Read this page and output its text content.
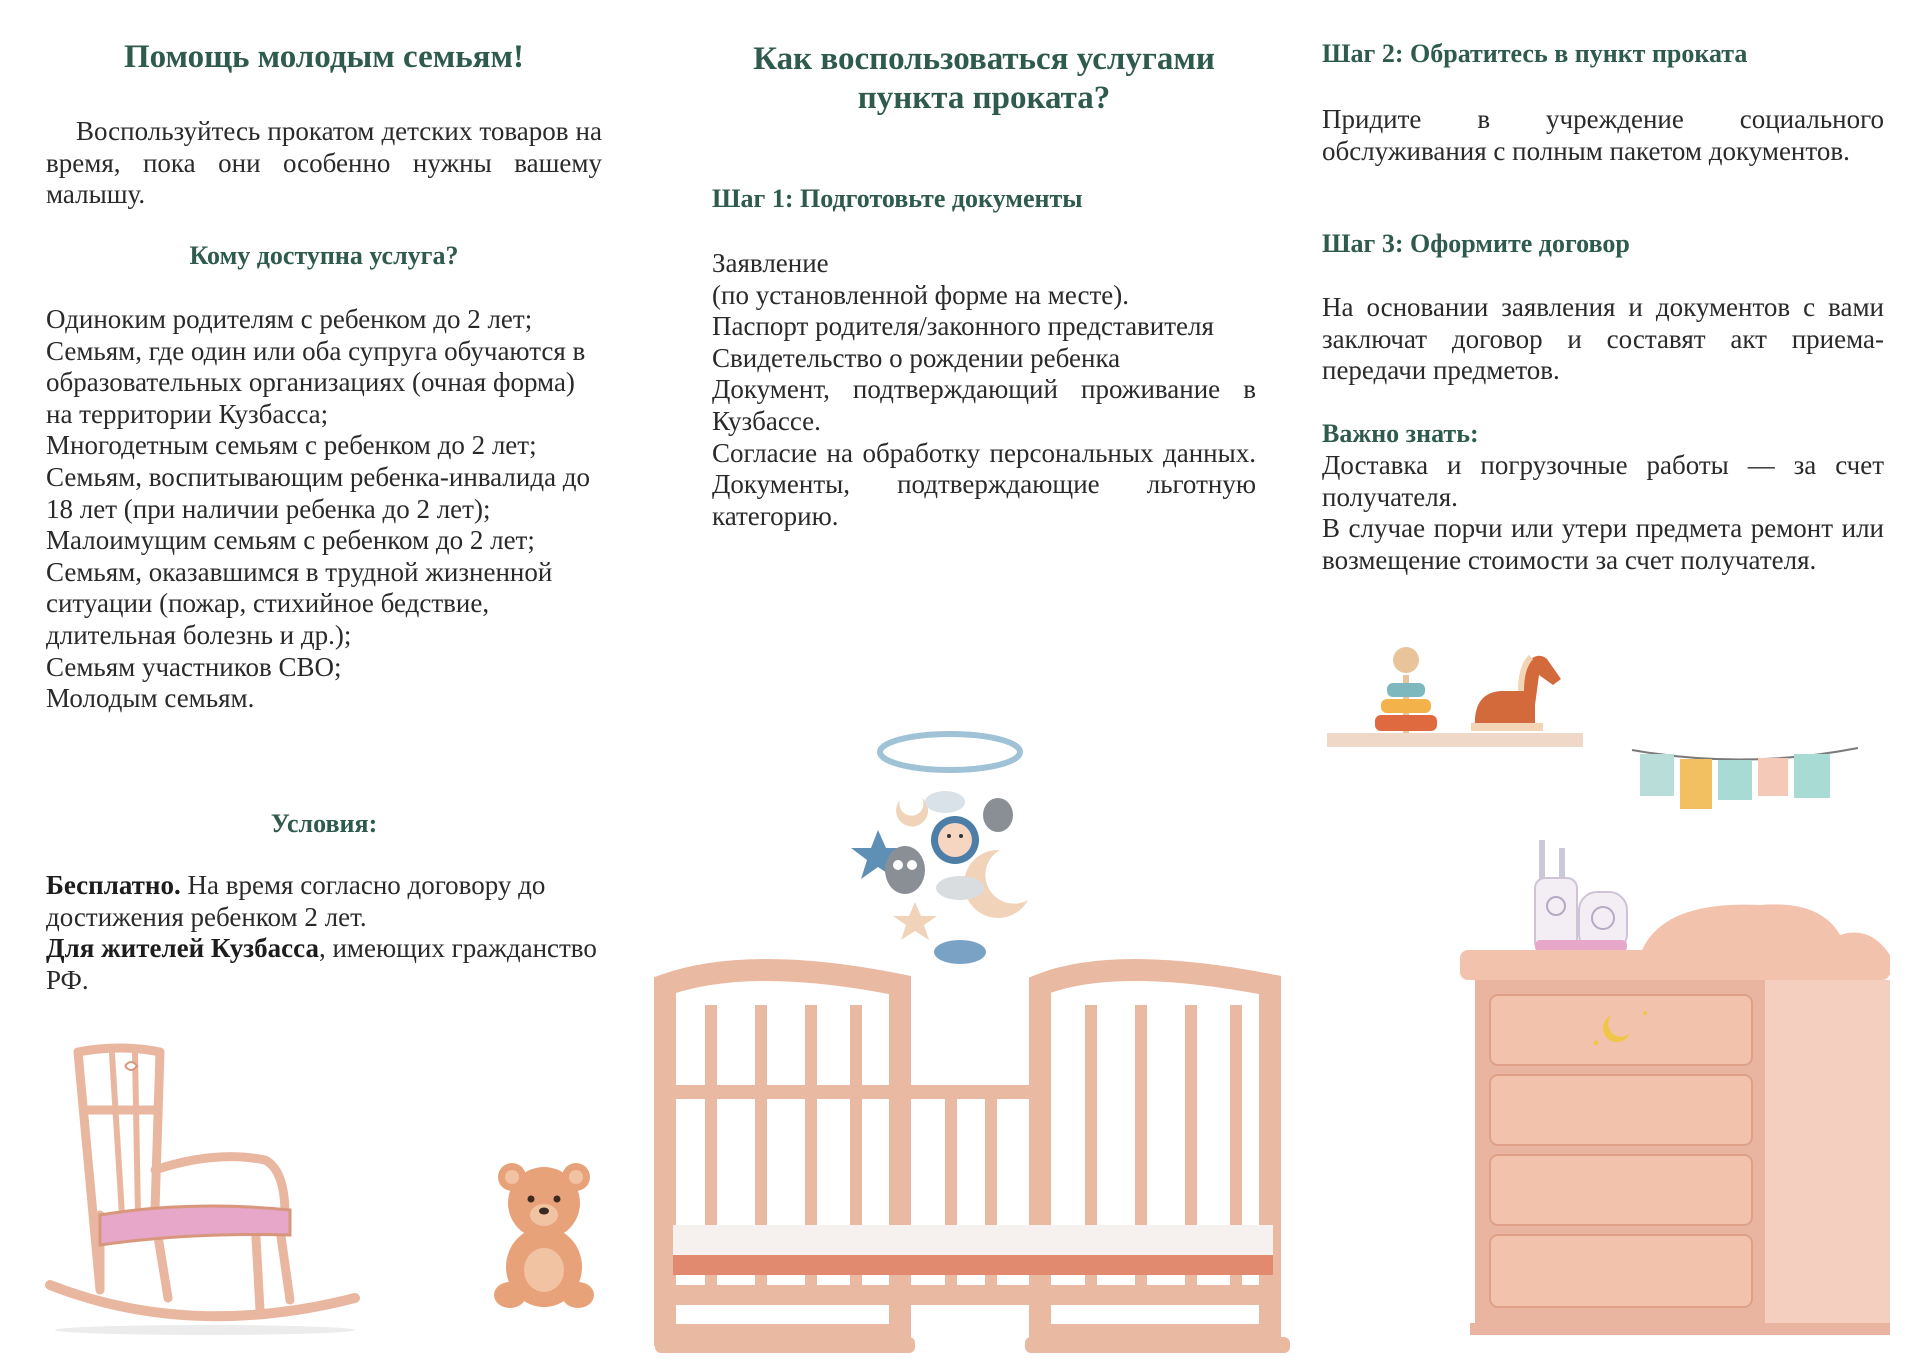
Помощь молодым семьям!

Воспользуйтесь прокатом детских товаров на время, пока они особенно нужны вашему малышу.

Кому доступна услуга?

Одиноким родителям с ребенком до 2 лет;

Семьям, где один или оба супруга обучаются в образовательных организациях (очная форма) на территории Кузбасса;

Многодетным семьям с ребенком до 2 лет;

Семьям, воспитывающим ребенка-инвалида до 18 лет (при наличии ребенка до 2 лет);

Малоимущим семьям с ребенком до 2 лет;

Семьям, оказавшимся в трудной жизненной ситуации (пожар, стихийное бедствие, длительная болезнь и др.);

Семьям участников СВО;

Молодым семьям.

Условия:

Бесплатно. На время согласно договору до достижения ребенком 2 лет.

Для жителей Кузбасса, имеющих гражданство РФ.

Как воспользоваться услугами
пункта проката?
Шаг 1: Подготовьте документы

Заявление

(по установленной форме на месте).

Паспорт родителя/законного представителя

Свидетельство о рождении ребенка

Документ, подтверждающий проживание в Кузбассе.

Согласие на обработку персональных данных. Документы, подтверждающие льготную категорию.

Шаг 2: Обратитесь в пункт проката

Придите в учреждение социального обслуживания с полным пакетом документов.

Шаг 3: Оформите договор

На основании заявления и документов с вами заключат договор и составят акт приема-передачи предметов.

Важно знать:

Доставка и погрузочные работы — за счет получателя.

В случае порчи или утери предмета ремонт или возмещение стоимости за счет получателя.
